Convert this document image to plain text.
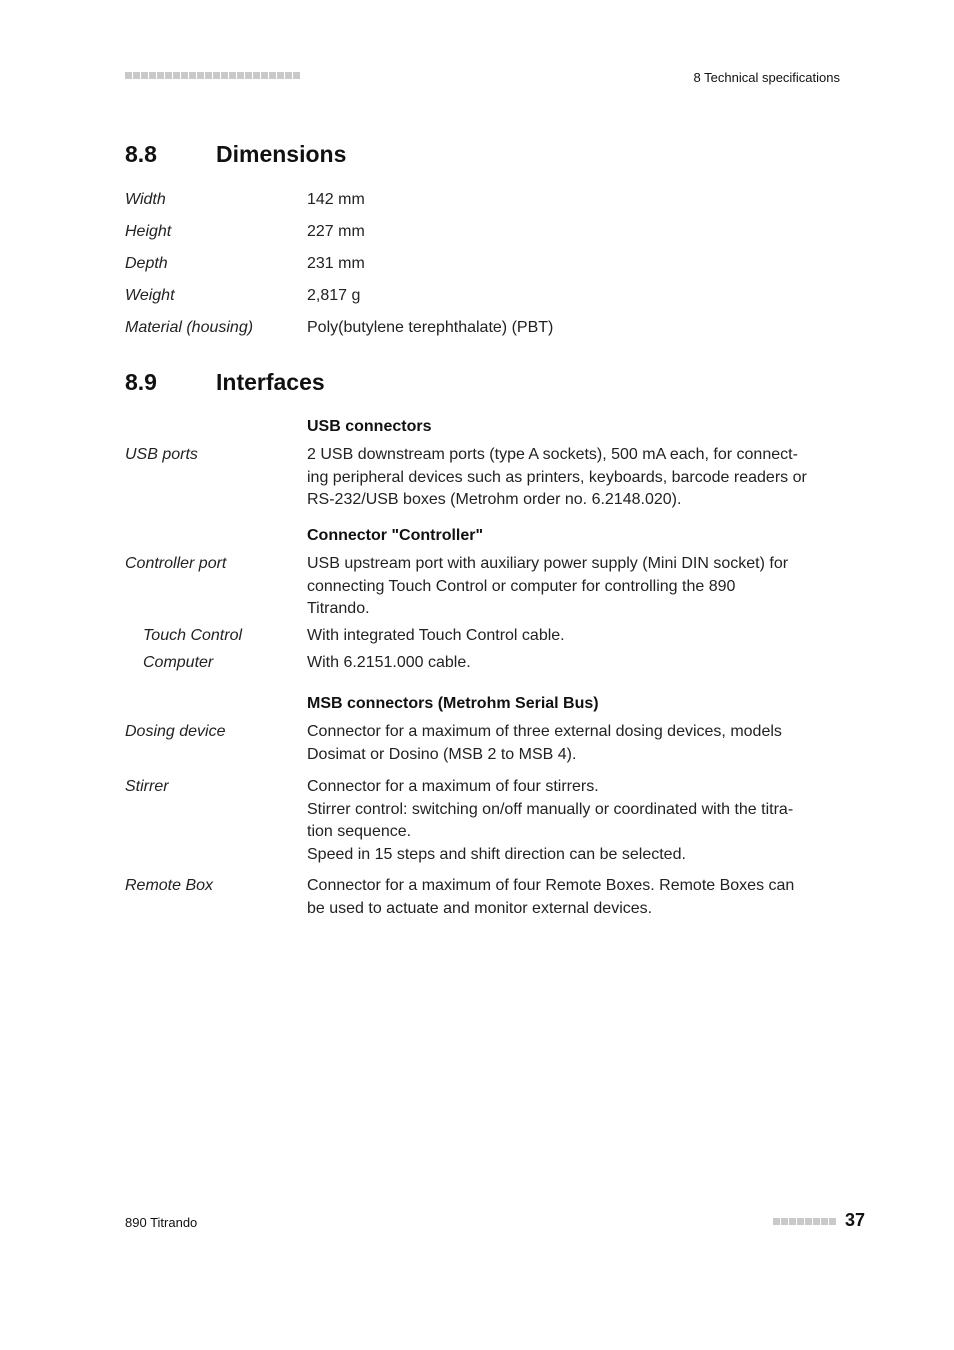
8 Technical specifications
8.8	Dimensions
Width	142 mm
Height	227 mm
Depth	231 mm
Weight	2,817 g
Material (housing)	Poly(butylene terephthalate) (PBT)
8.9	Interfaces
USB connectors
USB ports	2 USB downstream ports (type A sockets), 500 mA each, for connect-
ing peripheral devices such as printers, keyboards, barcode readers or
RS-232/USB boxes (Metrohm order no. 6.2148.020).
Connector "Controller"
Controller port	USB upstream port with auxiliary power supply (Mini DIN socket) for
connecting Touch Control or computer for controlling the 890
Titrando.
Touch Control	With integrated Touch Control cable.
Computer	With 6.2151.000 cable.
MSB connectors (Metrohm Serial Bus)
Dosing device	Connector for a maximum of three external dosing devices, models
Dosimat or Dosino (MSB 2 to MSB 4).
Stirrer	Connector for a maximum of four stirrers.
Stirrer control: switching on/off manually or coordinated with the titra-
tion sequence.
Speed in 15 steps and shift direction can be selected.
Remote Box	Connector for a maximum of four Remote Boxes. Remote Boxes can
be used to actuate and monitor external devices.
890 Titrando	37
